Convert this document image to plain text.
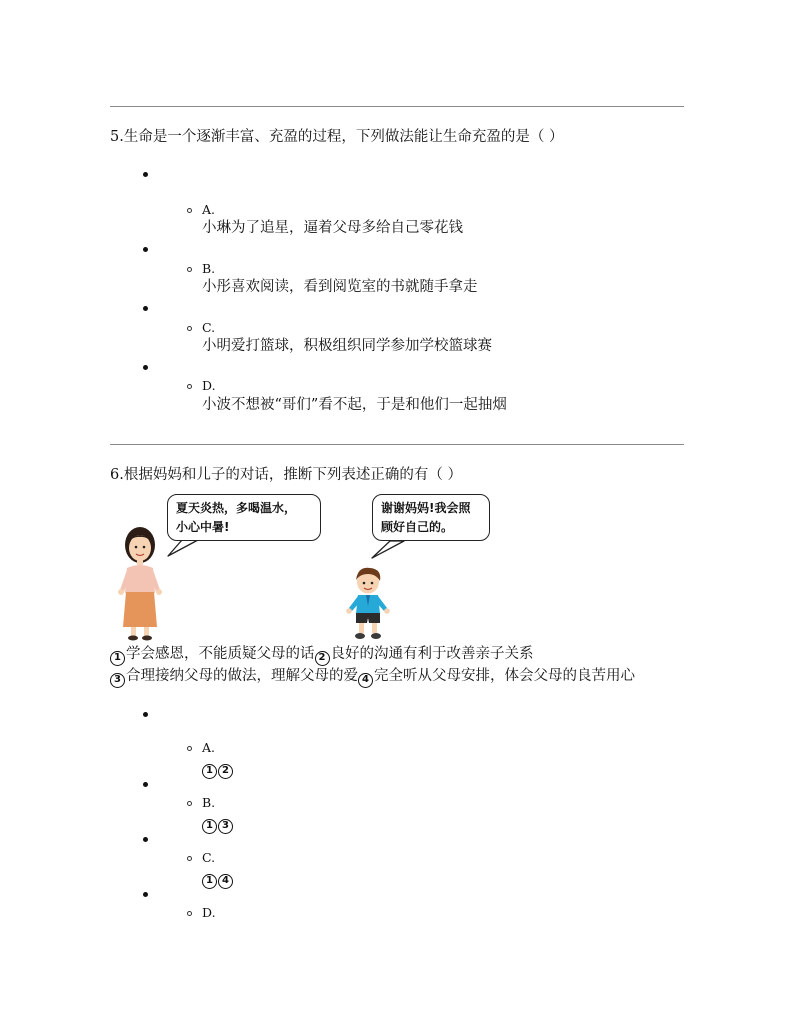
5.生命是一个逐渐丰富、充盈的过程，下列做法能让生命充盈的是（ ）
A.
小琳为了追星，逼着父母多给自己零花钱
B.
小彤喜欢阅读，看到阅览室的书就随手拿走
C.
小明爱打篮球，积极组织同学参加学校篮球赛
D.
小波不想被“哥们”看不起，于是和他们一起抽烟
6.根据妈妈和儿子的对话，推断下列表述正确的有（ ）
夏天炎热，多喝温水，
小心中暑!
谢谢妈妈!我会照
顾好自己的。
1 学会感恩，不能质疑父母的话 2 良好的沟通有利于改善亲子关系
3 合理接纳父母的做法，理解父母的爱 4 完全听从父母安排，体会父母的良苦用心
A.
1 2
B.
1 3
C.
1 4
D.
